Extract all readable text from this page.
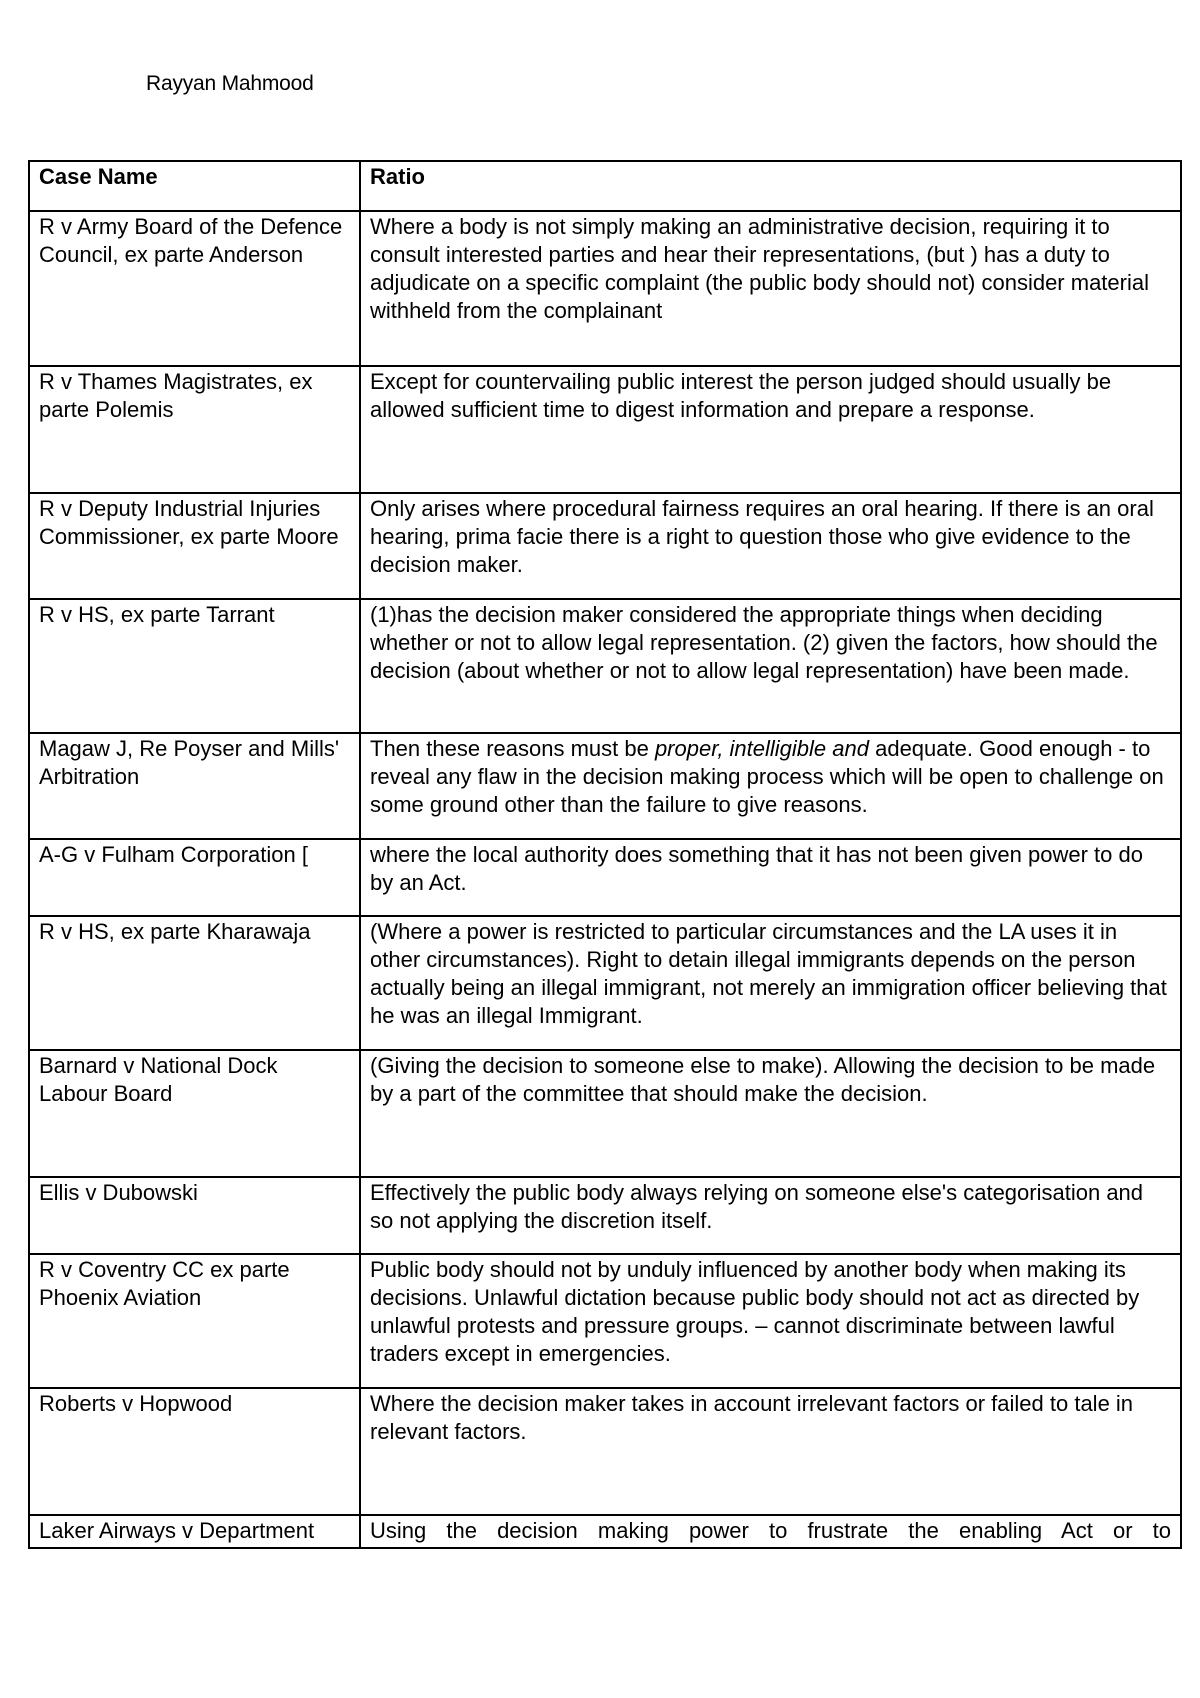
Rayyan Mahmood
Case Name	Ratio
R v Army Board of the Defence Council, ex parte Anderson	Where a body is not simply making an administrative decision, requiring it to consult interested parties and hear their representations, (but ) has a duty to adjudicate on a specific complaint (the public body should not) consider material withheld from the complainant
R v Thames Magistrates, ex parte Polemis	Except for countervailing public interest the person judged should usually be allowed sufficient time to digest information and prepare a response.
R v Deputy Industrial Injuries Commissioner, ex parte Moore	Only arises where procedural fairness requires an oral hearing. If there is an oral hearing, prima facie there is a right to question those who give evidence to the decision maker.
R v HS, ex parte Tarrant	(1)has the decision maker considered the appropriate things when deciding whether or not to allow legal representation. (2) given the factors, how should the decision (about whether or not to allow legal representation) have been made.
Magaw J, Re Poyser and Mills' Arbitration	Then these reasons must be proper, intelligible and adequate. Good enough - to reveal any flaw in the decision making process which will be open to challenge on some ground other than the failure to give reasons.
A-G v Fulham Corporation [	where the local authority does something that it has not been given power to do by an Act.
R v HS, ex parte Kharawaja	(Where a power is restricted to particular circumstances and the LA uses it in other circumstances). Right to detain illegal immigrants depends on the person actually being an illegal immigrant, not merely an immigration officer believing that he was an illegal Immigrant.
Barnard v National Dock Labour Board	(Giving the decision to someone else to make). Allowing the decision to be made by a part of the committee that should make the decision.
Ellis v Dubowski	Effectively the public body always relying on someone else's categorisation and so not applying the discretion itself.
R v Coventry CC ex parte Phoenix Aviation	Public body should not by unduly influenced by another body when making its decisions. Unlawful dictation because public body should not act as directed by unlawful protests and pressure groups. – cannot discriminate between lawful traders except in emergencies.
Roberts v Hopwood	Where the decision maker takes in account irrelevant factors or failed to tale in relevant factors.

Laker Airways v Department	Using the decision making power to frustrate the enabling Act or to
